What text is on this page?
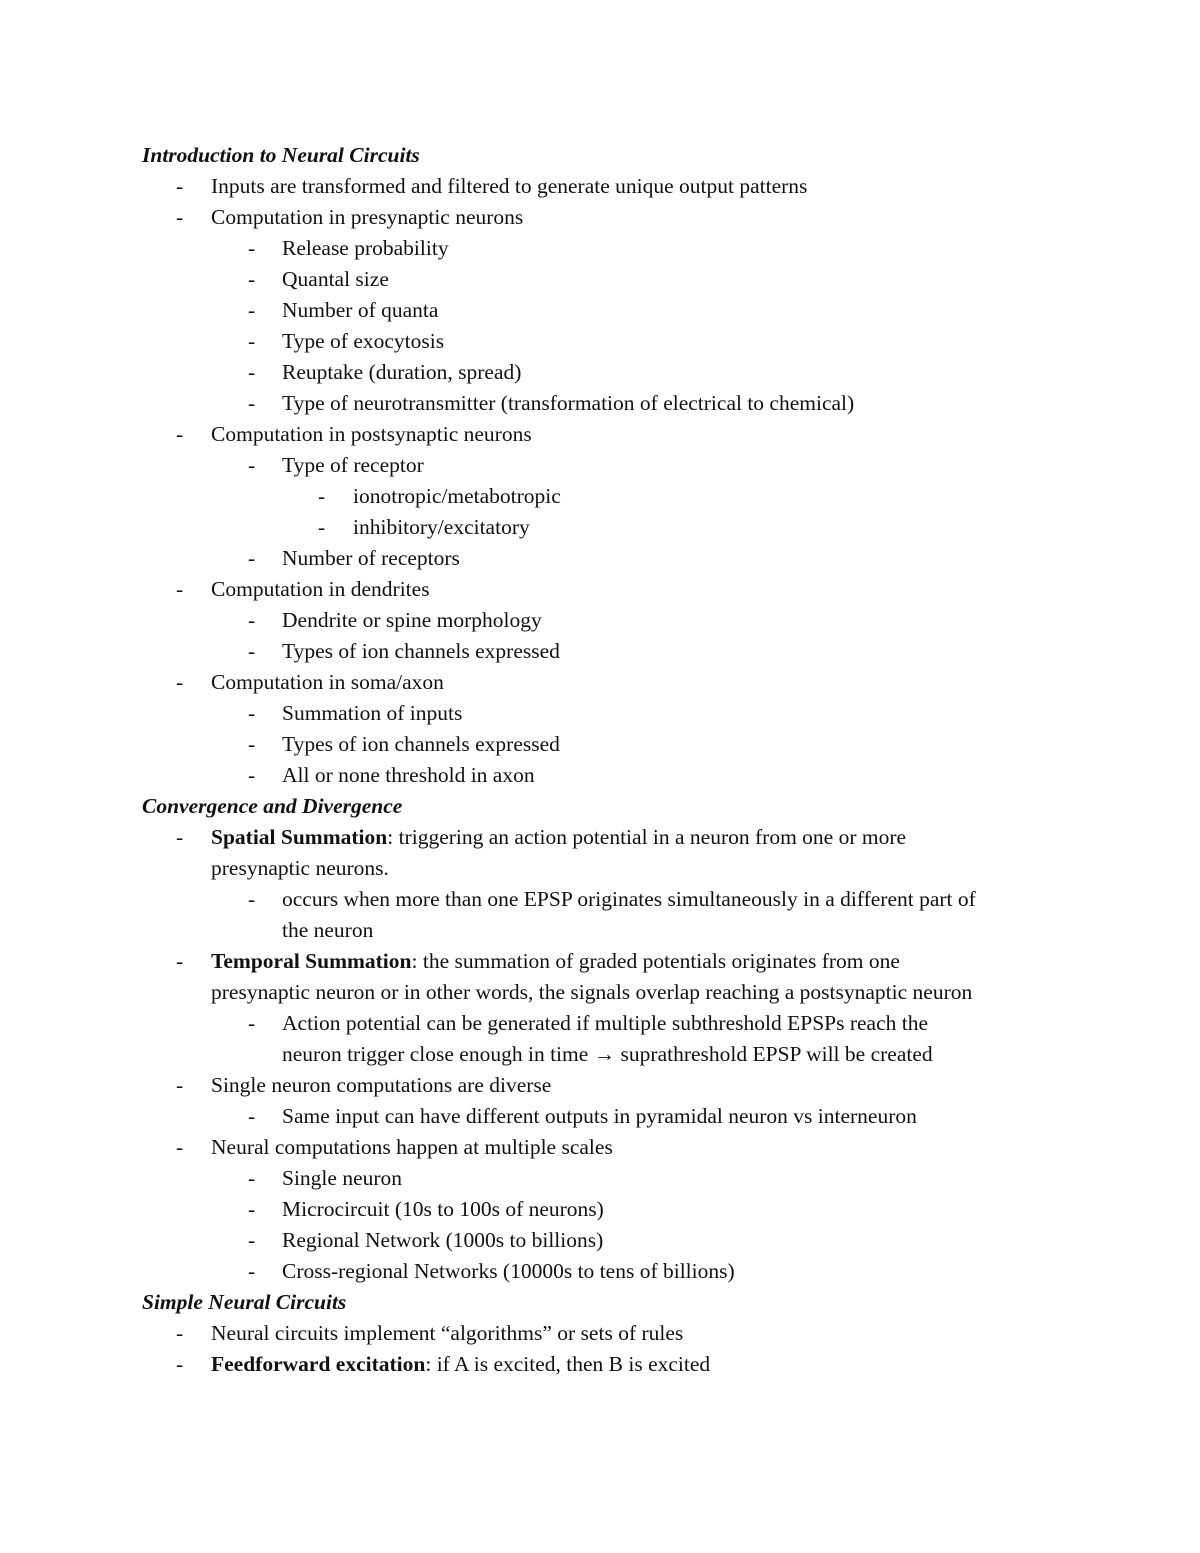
Introduction to Neural Circuits
- Inputs are transformed and filtered to generate unique output patterns
- Computation in presynaptic neurons
- Release probability
- Quantal size
- Number of quanta
- Type of exocytosis
- Reuptake (duration, spread)
- Type of neurotransmitter (transformation of electrical to chemical)
- Computation in postsynaptic neurons
- Type of receptor
- ionotropic/metabotropic
- inhibitory/excitatory
- Number of receptors
- Computation in dendrites
- Dendrite or spine morphology
- Types of ion channels expressed
- Computation in soma/axon
- Summation of inputs
- Types of ion channels expressed
- All or none threshold in axon
Convergence and Divergence
- Spatial Summation: triggering an action potential in a neuron from one or more
presynaptic neurons.
- occurs when more than one EPSP originates simultaneously in a different part of
the neuron
- Temporal Summation: the summation of graded potentials originates from one
presynaptic neuron or in other words, the signals overlap reaching a postsynaptic neuron
- Action potential can be generated if multiple subthreshold EPSPs reach the
neuron trigger close enough in time → suprathreshold EPSP will be created
- Single neuron computations are diverse
- Same input can have different outputs in pyramidal neuron vs interneuron
- Neural computations happen at multiple scales
- Single neuron
- Microcircuit (10s to 100s of neurons)
- Regional Network (1000s to billions)
- Cross-regional Networks (10000s to tens of billions)
Simple Neural Circuits
- Neural circuits implement “algorithms” or sets of rules
- Feedforward excitation: if A is excited, then B is excited
